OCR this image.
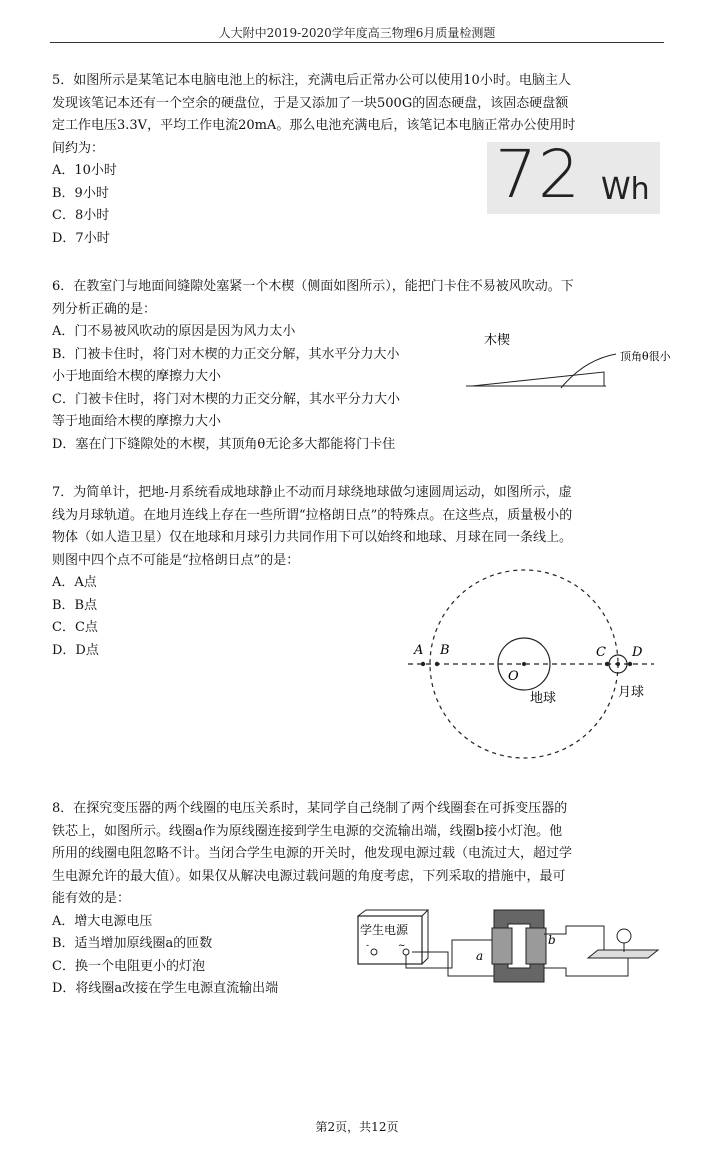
人大附中2019-2020学年度高三物理6月质量检测题

5．如图所示是某笔记本电脑电池上的标注，充满电后正常办公可以使用10小时。电脑主人

发现该笔记本还有一个空余的硬盘位，于是又添加了一块500G的固态硬盘，该固态硬盘额

定工作电压3.3V，平均工作电流20mA。那么电池充满电后，该笔记本电脑正常办公使用时

间约为：

A．10小时

B．9小时

C．8小时

D．7小时

72 Wh

6．在教室门与地面间缝隙处塞紧一个木楔（侧面如图所示），能把门卡住不易被风吹动。下

列分析正确的是：

A．门不易被风吹动的原因是因为风力太小

B．门被卡住时，将门对木楔的力正交分解，其水平分力大小

小于地面给木楔的摩擦力大小

C．门被卡住时，将门对木楔的力正交分解，其水平分力大小

等于地面给木楔的摩擦力大小

D．塞在门下缝隙处的木楔，其顶角θ无论多大都能将门卡住

木楔
顶角θ很小

7．为简单计，把地-月系统看成地球静止不动而月球绕地球做匀速圆周运动，如图所示，虚

线为月球轨道。在地月连线上存在一些所谓“拉格朗日点”的特殊点。在这些点，质量极小的

物体（如人造卫星）仅在地球和月球引力共同作用下可以始终和地球、月球在同一条线上。

则图中四个点不可能是“拉格朗日点”的是：

A．A点

B．B点

C．C点

D．D点	A B	C D
O
地球	月球

8．在探究变压器的两个线圈的电压关系时，某同学自己绕制了两个线圈套在可拆变压器的

铁芯上，如图所示。线圈a作为原线圈连接到学生电源的交流输出端，线圈b接小灯泡。他

所用的线圈电阻忽略不计。当闭合学生电源的开关时，他发现电源过载（电流过大，超过学

生电源允许的最大值）。如果仅从解决电源过载问题的角度考虑，下列采取的措施中，最可

能有效的是：

A．增大电源电压

B．适当增加原线圈a的匝数

C．换一个电阻更小的灯泡

D．将线圈a改接在学生电源直流输出端

学生电源
-	~
a
b
第2页，共12页
